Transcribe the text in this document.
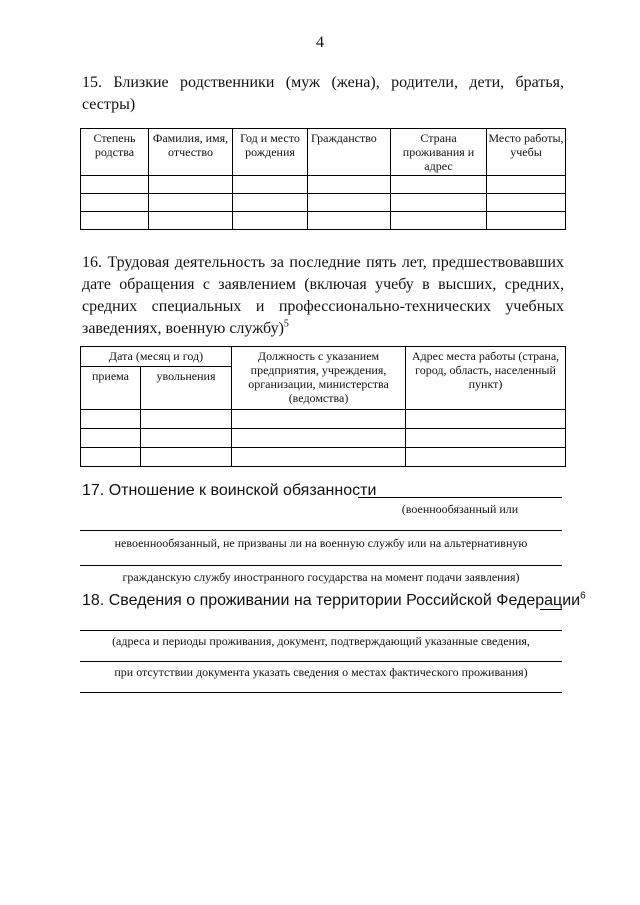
4
15. Близкие родственники (муж (жена), родители, дети, братья, сестры)
Степень родства	Фамилия, имя, отчество	Год и место рождения	Гражданство	Страна проживания и адрес	Место работы, учебы

16. Трудовая деятельность за последние пять лет, предшествовавших дате обращения с заявлением (включая учебу в высших, средних, средних специальных и профессионально-технических учебных заведениях, военную службу)$^5$
Дата (месяц и год)		Должность с указанием предприятия, учреждения, организации, министерства (ведомства)	Адрес места работы (страна, город, область, населенный пункт)
приема	увольнения		

17. Отношение к воинской обязанности
(военнообязанный или
невоеннообязанный, не призваны ли на военную службу или на альтернативную
гражданскую службу иностранного государства на момент подачи заявления)
18. Сведения о проживании на территории Российской Федерации$^6$
(адреса и периоды проживания, документ, подтверждающий указанные сведения,
при отсутствии документа указать сведения о местах фактического проживания)
